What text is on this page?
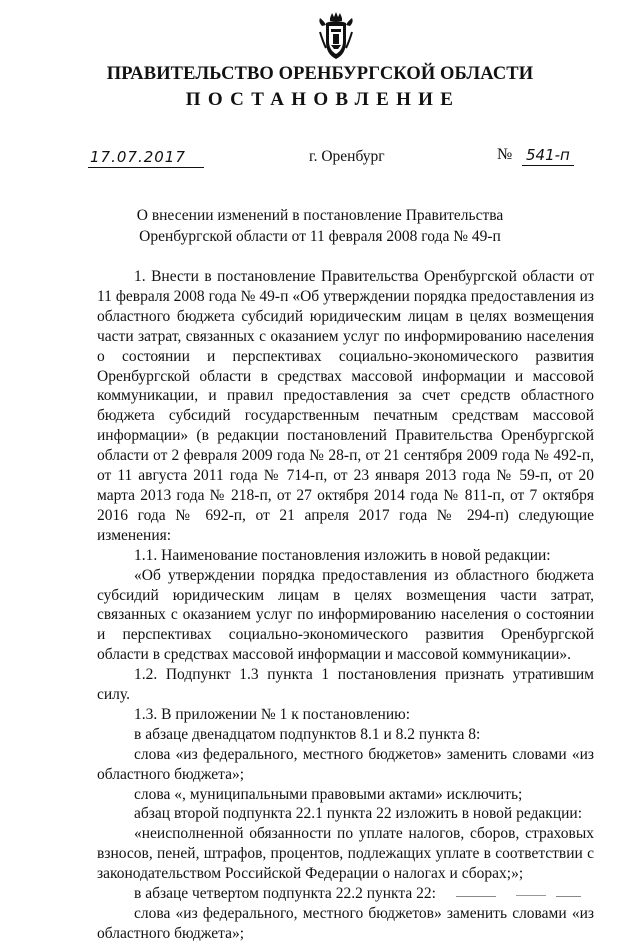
ПРАВИТЕЛЬСТВО ОРЕНБУРГСКОЙ ОБЛАСТИ
ПОСТАНОВЛЕНИЕ
17.07.2017	г. Оренбург	№ 541-п
О внесении изменений в постановление Правительства
Оренбургской области от 11 февраля 2008 года № 49-п

1. Внести в постановление Правительства Оренбургской области от 11 февраля 2008 года № 49-п «Об утверждении порядка предоставления из областного бюджета субсидий юридическим лицам в целях возмещения части затрат, связанных с оказанием услуг по информированию населения о состоянии и перспективах социально-экономического развития Оренбургской области в средствах массовой информации и массовой коммуникации, и правил предоставления за счет средств областного бюджета субсидий государственным печатным средствам массовой информации» (в редакции постановлений Правительства Оренбургской области от 2 февраля 2009 года № 28-п, от 21 сентября 2009 года № 492-п, от 11 августа 2011 года № 714-п, от 23 января 2013 года № 59-п, от 20 марта 2013 года № 218-п, от 27 октября 2014 года № 811-п, от 7 октября 2016 года № 692-п, от 21 апреля 2017 года № 294-п) следующие изменения:

1.1. Наименование постановления изложить в новой редакции:

«Об утверждении порядка предоставления из областного бюджета субсидий юридическим лицам в целях возмещения части затрат, связанных с оказанием услуг по информированию населения о состоянии и перспективах социально-экономического развития Оренбургской области в средствах массовой информации и массовой коммуникации».

1.2. Подпункт 1.3 пункта 1 постановления признать утратившим силу.

1.3. В приложении № 1 к постановлению:

в абзаце двенадцатом подпунктов 8.1 и 8.2 пункта 8:

слова «из федерального, местного бюджетов» заменить словами «из областного бюджета»;

слова «, муниципальными правовыми актами» исключить;

абзац второй подпункта 22.1 пункта 22 изложить в новой редакции:

«неисполненной обязанности по уплате налогов, сборов, страховых взносов, пеней, штрафов, процентов, подлежащих уплате в соответствии с законодательством Российской Федерации о налогах и сборах;»;

в абзаце четвертом подпункта 22.2 пункта 22:

слова «из федерального, местного бюджетов» заменить словами «из областного бюджета»;
